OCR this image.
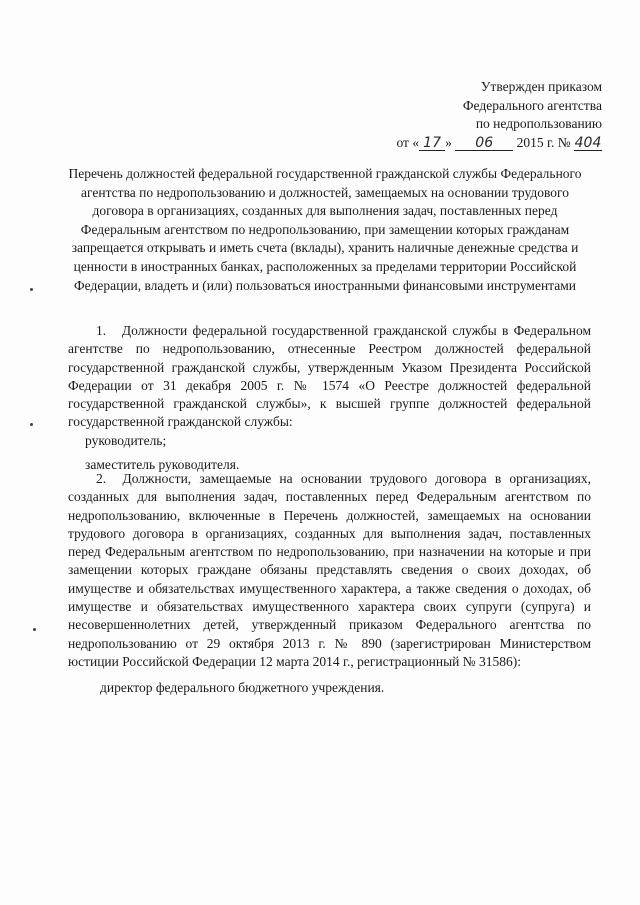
Утвержден приказом
Федерального агентства
по недропользованию
от « 17 » 06 2015 г. № 404
Перечень должностей федеральной государственной гражданской службы Федерального агентства по недропользованию и должностей, замещаемых на основании трудового договора в организациях, созданных для выполнения задач, поставленных перед Федеральным агентством по недропользованию, при замещении которых гражданам запрещается открывать и иметь счета (вклады), хранить наличные денежные средства и ценности в иностранных банках, расположенных за пределами территории Российской Федерации, владеть и (или) пользоваться иностранными финансовыми инструментами

1.   Должности федеральной государственной гражданской службы в Федеральном агентстве по недропользованию, отнесенные Реестром должностей федеральной государственной гражданской службы, утвержденным Указом Президента Российской Федерации от 31 декабря 2005 г. № 1574 «О Реестре должностей федеральной государственной гражданской службы», к высшей группе должностей федеральной государственной гражданской службы:

руководитель;

заместитель руководителя.

2.  Должности, замещаемые на основании трудового договора в организациях, созданных для выполнения задач, поставленных перед Федеральным агентством по недропользованию, включенные в Перечень должностей, замещаемых на основании трудового договора в организациях, созданных для выполнения задач, поставленных перед Федеральным агентством по недропользованию, при назначении на которые и при замещении которых граждане обязаны представлять сведения о своих доходах, об имуществе и обязательствах имущественного характера, а также сведения о доходах, об имуществе и обязательствах имущественного характера своих супруги (супруга) и несовершеннолетних детей, утвержденный приказом Федерального агентства по недропользованию от 29 октября 2013 г. № 890 (зарегистрирован Министерством юстиции Российской Федерации 12 марта 2014 г., регистрационный № 31586):

директор федерального бюджетного учреждения.
